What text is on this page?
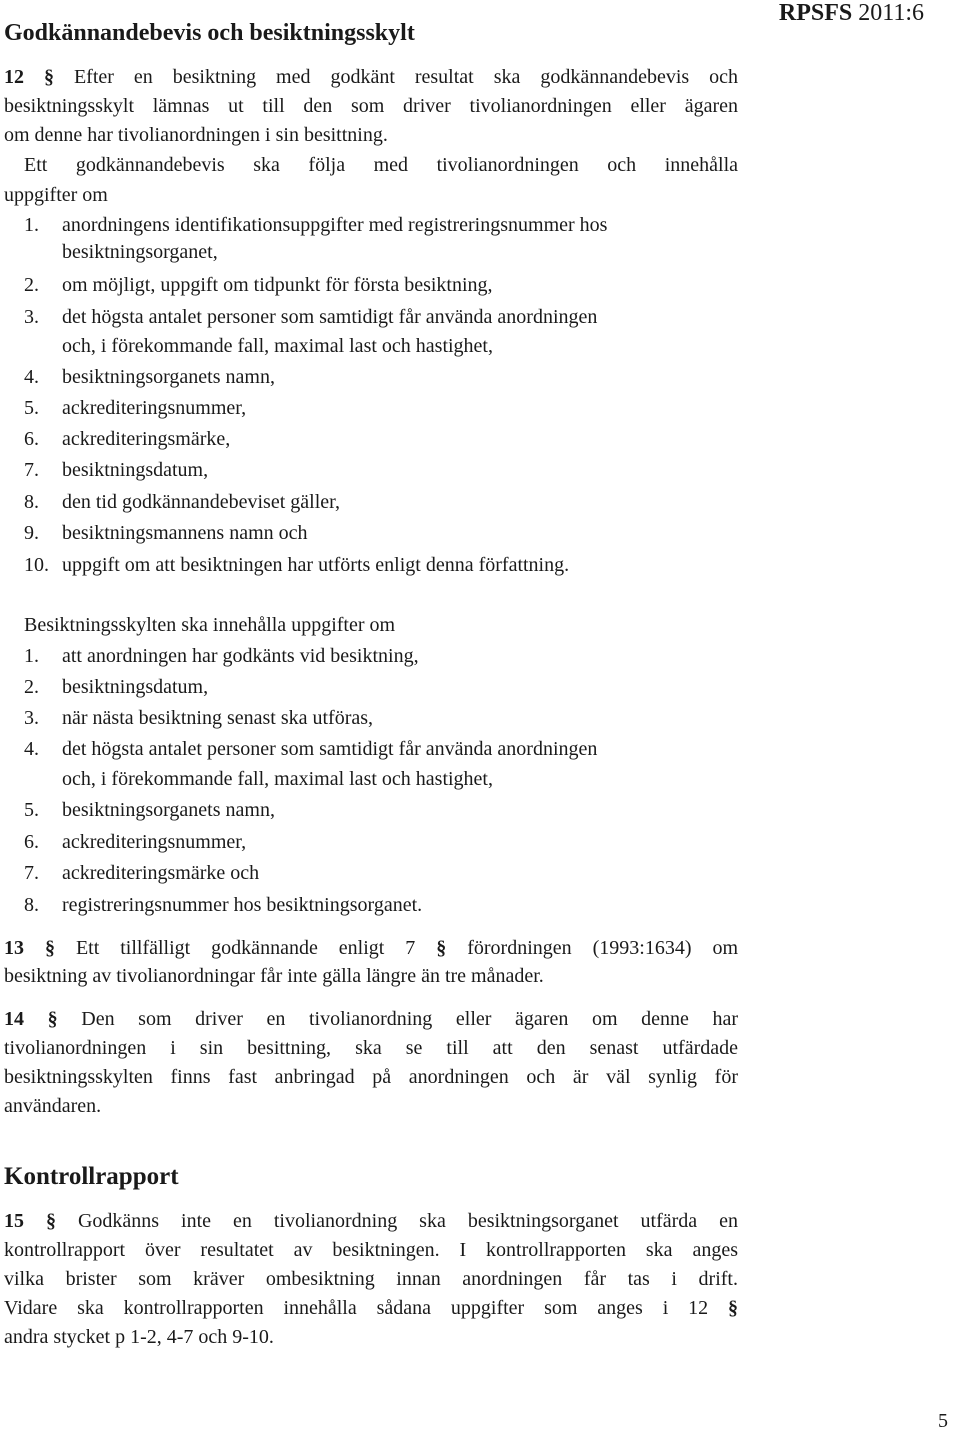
RPSFS 2011:6
Godkännandebevis och besiktningsskylt
12 § Efter en besiktning med godkänt resultat ska godkännandebevis och
besiktningsskylt lämnas ut till den som driver tivolianordningen eller ägaren
om denne har tivolianordningen i sin besittning.
Ett godkännandebevis ska följa med tivolianordningen och innehålla
uppgifter om
1. anordningens identifikationsuppgifter med registreringsnummer hos
besiktningsorganet,
2. om möjligt, uppgift om tidpunkt för första besiktning,
3. det högsta antalet personer som samtidigt får använda anordningen
och, i förekommande fall, maximal last och hastighet,
4. besiktningsorganets namn,
5. ackrediteringsnummer,
6. ackrediteringsmärke,
7. besiktningsdatum,
8. den tid godkännandebeviset gäller,
9. besiktningsmannens namn och
10. uppgift om att besiktningen har utförts enligt denna författning.
Besiktningsskylten ska innehålla uppgifter om
1. att anordningen har godkänts vid besiktning,
2. besiktningsdatum,
3. när nästa besiktning senast ska utföras,
4. det högsta antalet personer som samtidigt får använda anordningen
och, i förekommande fall, maximal last och hastighet,
5. besiktningsorganets namn,
6. ackrediteringsnummer,
7. ackrediteringsmärke och
8. registreringsnummer hos besiktningsorganet.
13 § Ett tillfälligt godkännande enligt 7 § förordningen (1993:1634) om
besiktning av tivolianordningar får inte gälla längre än tre månader.
14 § Den som driver en tivolianordning eller ägaren om denne har
tivolianordningen i sin besittning, ska se till att den senast utfärdade
besiktningsskylten finns fast anbringad på anordningen och är väl synlig för
användaren.
Kontrollrapport
15 § Godkänns inte en tivolianordning ska besiktningsorganet utfärda en
kontrollrapport över resultatet av besiktningen. I kontrollrapporten ska anges
vilka brister som kräver ombesiktning innan anordningen får tas i drift.
Vidare ska kontrollrapporten innehålla sådana uppgifter som anges i 12 §
andra stycket p 1-2, 4-7 och 9-10.
5
